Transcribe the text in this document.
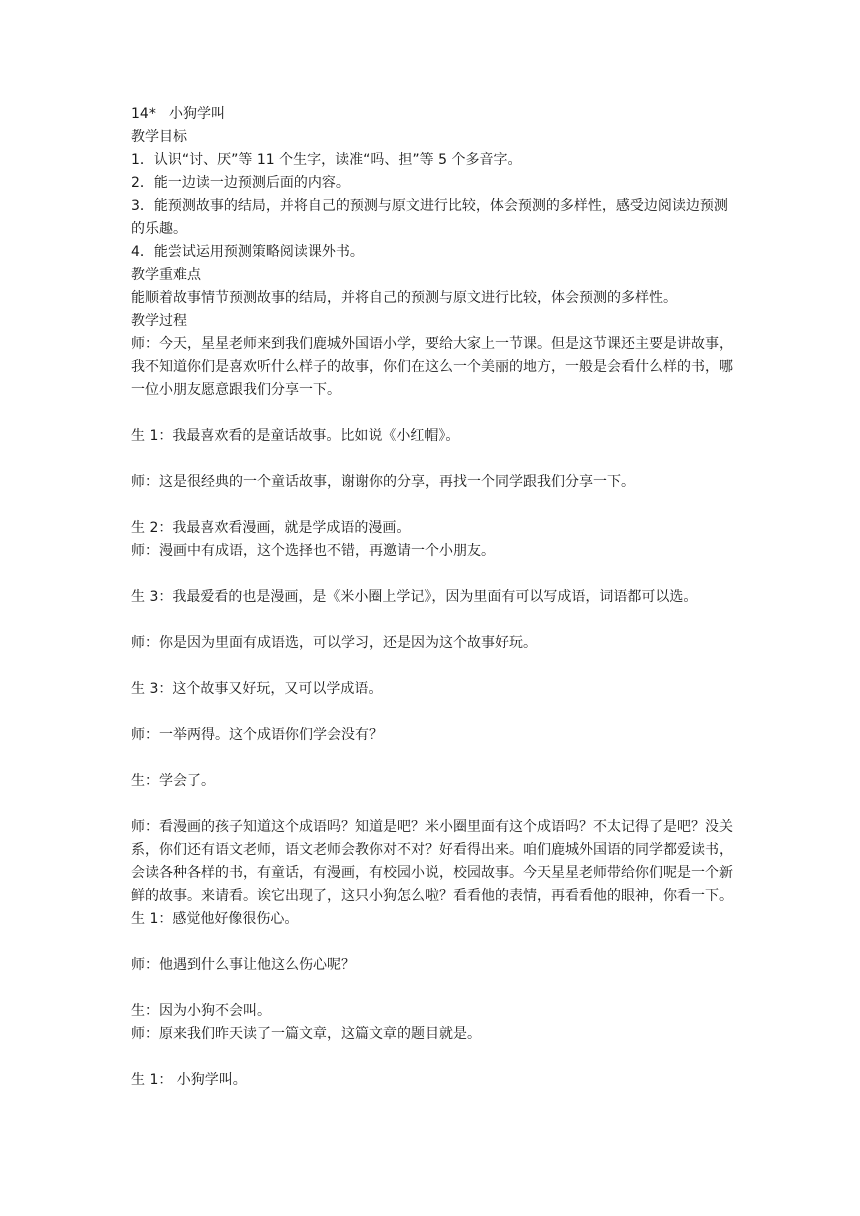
14* 小狗学叫
教学目标
1．认识“讨、厌”等 11 个生字，读准“吗、担”等 5 个多音字。
2．能一边读一边预测后面的内容。
3．能预测故事的结局，并将自己的预测与原文进行比较，体会预测的多样性，感受边阅读边预测的乐趣。
4．能尝试运用预测策略阅读课外书。
教学重难点
能顺着故事情节预测故事的结局，并将自己的预测与原文进行比较，体会预测的多样性。
教学过程
师：今天，星星老师来到我们鹿城外国语小学，要给大家上一节课。但是这节课还主要是讲故事，我不知道你们是喜欢听什么样子的故事，你们在这么一个美丽的地方，一般是会看什么样的书，哪一位小朋友愿意跟我们分享一下。
生 1：我最喜欢看的是童话故事。比如说《小红帽》。
师：这是很经典的一个童话故事，谢谢你的分享，再找一个同学跟我们分享一下。
生 2：我最喜欢看漫画，就是学成语的漫画。
师：漫画中有成语，这个选择也不错，再邀请一个小朋友。
生 3：我最爱看的也是漫画，是《米小圈上学记》，因为里面有可以写成语，词语都可以选。
师：你是因为里面有成语选，可以学习，还是因为这个故事好玩。
生 3：这个故事又好玩，又可以学成语。
师：一举两得。这个成语你们学会没有？
生：学会了。
师：看漫画的孩子知道这个成语吗？知道是吧？米小圈里面有这个成语吗？不太记得了是吧？没关系，你们还有语文老师，语文老师会教你对不对？好看得出来。咱们鹿城外国语的同学都爱读书，会读各种各样的书，有童话，有漫画，有校园小说，校园故事。今天星星老师带给你们呢是一个新鲜的故事。来请看。诶它出现了，这只小狗怎么啦？看看他的表情，再看看他的眼神，你看一下。
生 1：感觉他好像很伤心。
师：他遇到什么事让他这么伤心呢？
生：因为小狗不会叫。
师：原来我们昨天读了一篇文章，这篇文章的题目就是。
生 1： 小狗学叫。
